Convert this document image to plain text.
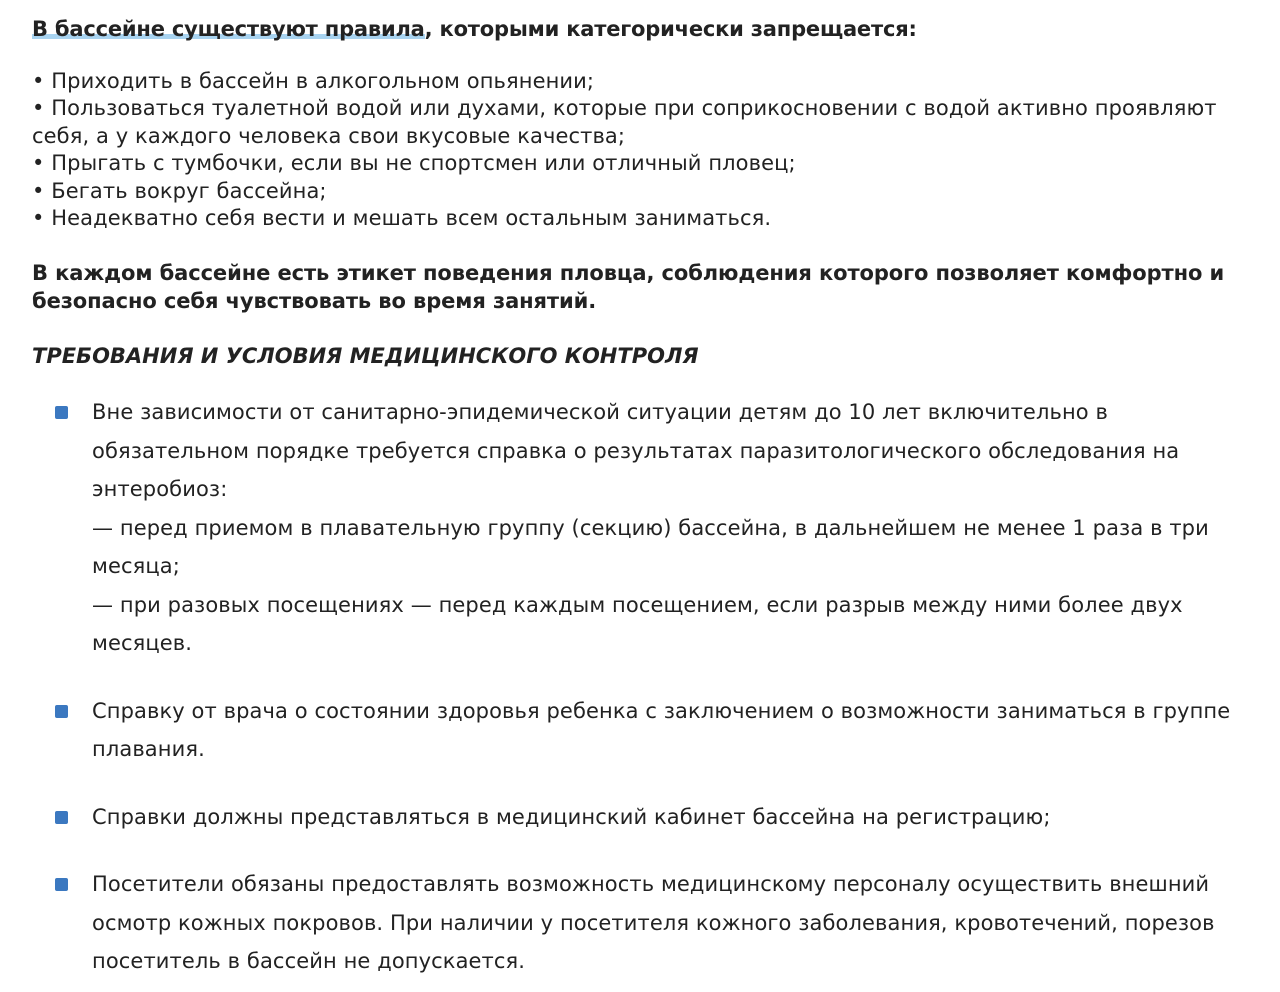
В бассейне существуют правила, которыми категорически запрещается:

• Приходить в бассейн в алкогольном опьянении;

• Пользоваться туалетной водой или духами, которые при соприкосновении с водой активно проявляют себя, а у каждого человека свои вкусовые качества;

• Прыгать с тумбочки, если вы не спортсмен или отличный пловец;

• Бегать вокруг бассейна;

• Неадекватно себя вести и мешать всем остальным заниматься.

В каждом бассейне есть этикет поведения пловца, соблюдения которого позволяет комфортно и безопасно себя чувствовать во время занятий.

ТРЕБОВАНИЯ И УСЛОВИЯ МЕДИЦИНСКОГО КОНТРОЛЯ
Вне зависимости от санитарно-эпидемической ситуации детям до 10 лет включительно в обязательном порядке требуется справка о результатах паразитологического обследования на энтеробиоз:
— перед приемом в плавательную группу (секцию) бассейна, в дальнейшем не менее 1 раза в три месяца;
— при разовых посещениях — перед каждым посещением, если разрыв между ними более двух месяцев.
Справку от врача о состоянии здоровья ребенка с заключением о возможности заниматься в группе плавания.
Справки должны представляться в медицинский кабинет бассейна на регистрацию;
Посетители обязаны предоставлять возможность медицинскому персоналу осуществить внешний осмотр кожных покровов. При наличии у посетителя кожного заболевания, кровотечений, порезов посетитель в бассейн не допускается.
